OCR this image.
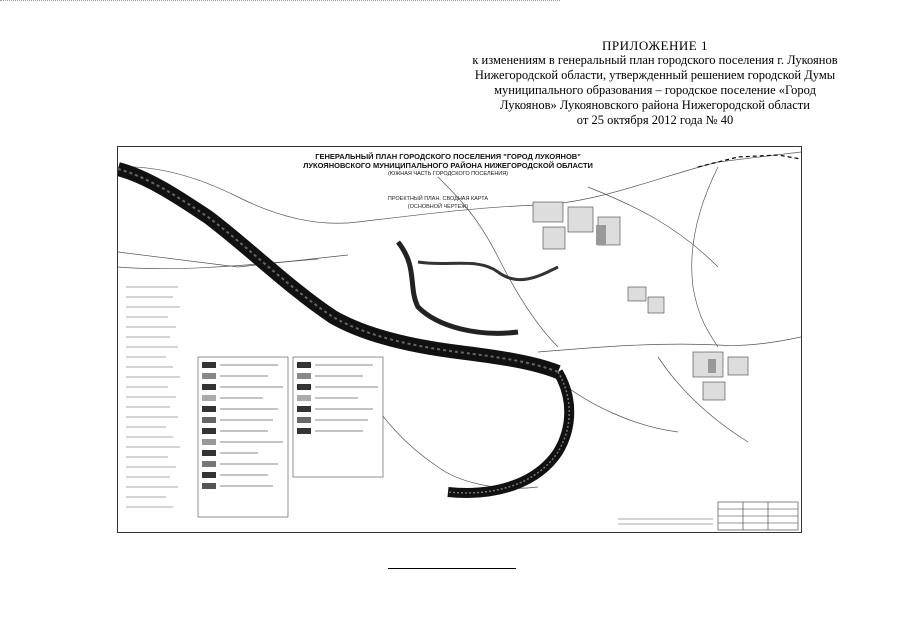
ПРИЛОЖЕНИЕ 1
к изменениям в генеральный план городского поселения г. Лукоянов
Нижегородской области, утвержденный решением городской Думы
муниципального образования – городское поселение «Город
Лукоянов» Лукояновского района Нижегородской области
от 25 октября 2012 года № 40
ГЕНЕРАЛЬНЫЙ ПЛАН ГОРОДСКОГО ПОСЕЛЕНИЯ "ГОРОД ЛУКОЯНОВ"
ЛУКОЯНОВСКОГО МУНИЦИПАЛЬНОГО РАЙОНА НИЖЕГОРОДСКОЙ ОБЛАСТИ
(ЮЖНАЯ ЧАСТЬ ГОРОДСКОГО ПОСЕЛЕНИЯ)
ПРОЕКТНЫЙ ПЛАН. СВОДНАЯ КАРТА
(ОСНОВНОЙ ЧЕРТЕЖ)
